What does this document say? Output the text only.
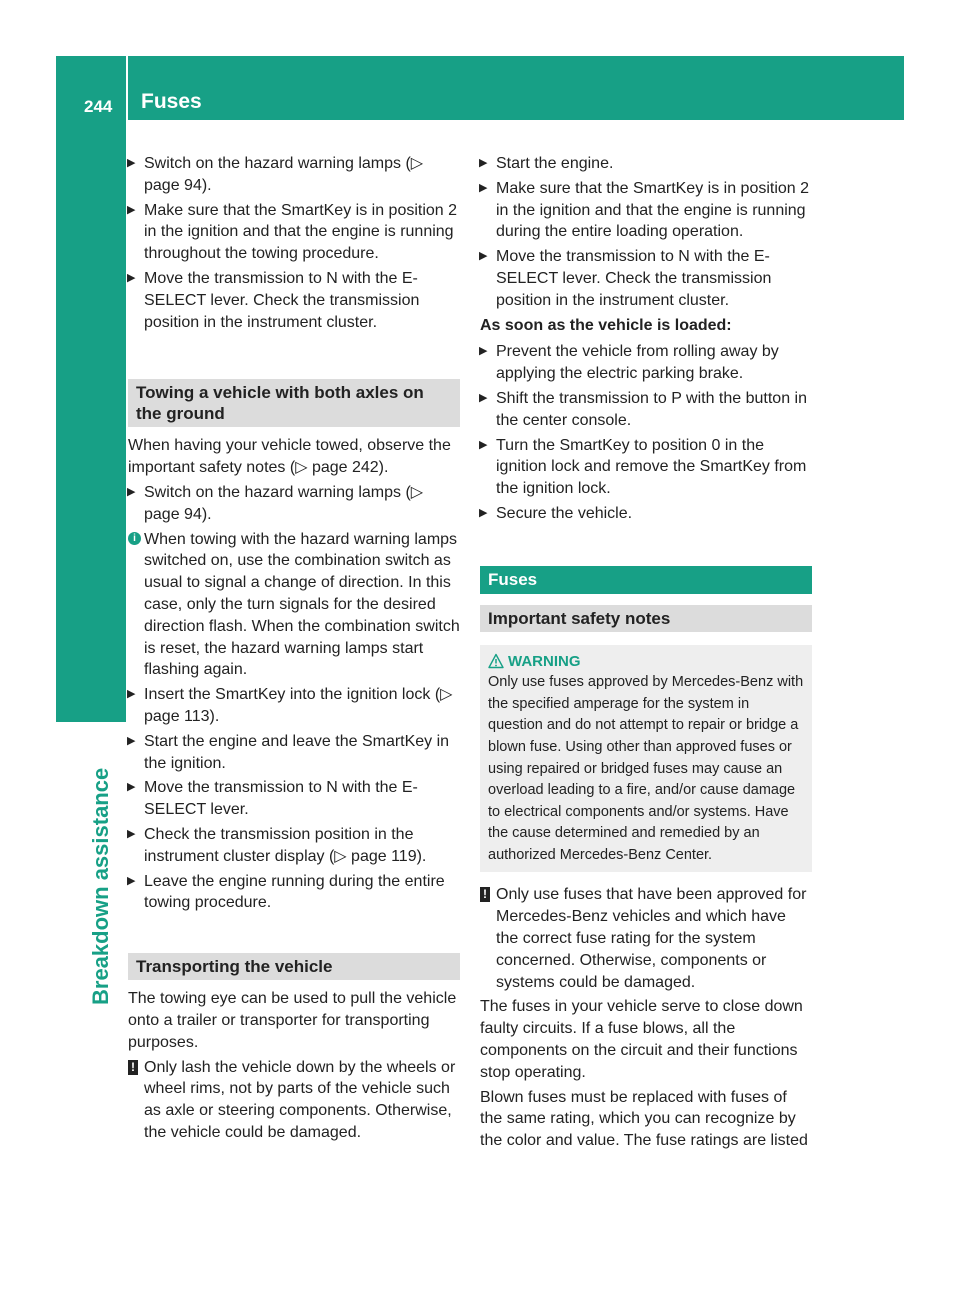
244 Fuses
Breakdown assistance
▶ Switch on the hazard warning lamps (▷ page 94).
▶ Make sure that the SmartKey is in position 2 in the ignition and that the engine is running throughout the towing procedure.
▶ Move the transmission to N with the E-SELECT lever. Check the transmission position in the instrument cluster.
Towing a vehicle with both axles on the ground
When having your vehicle towed, observe the important safety notes (▷ page 242).
▶ Switch on the hazard warning lamps (▷ page 94).
i When towing with the hazard warning lamps switched on, use the combination switch as usual to signal a change of direction. In this case, only the turn signals for the desired direction flash. When the combination switch is reset, the hazard warning lamps start flashing again.
▶ Insert the SmartKey into the ignition lock (▷ page 113).
▶ Start the engine and leave the SmartKey in the ignition.
▶ Move the transmission to N with the E-SELECT lever.
▶ Check the transmission position in the instrument cluster display (▷ page 119).
▶ Leave the engine running during the entire towing procedure.
Transporting the vehicle
The towing eye can be used to pull the vehicle onto a trailer or transporter for transporting purposes.
! Only lash the vehicle down by the wheels or wheel rims, not by parts of the vehicle such as axle or steering components. Otherwise, the vehicle could be damaged.
▶ Start the engine.
▶ Make sure that the SmartKey is in position 2 in the ignition and that the engine is running during the entire loading operation.
▶ Move the transmission to N with the E-SELECT lever. Check the transmission position in the instrument cluster.
As soon as the vehicle is loaded:
▶ Prevent the vehicle from rolling away by applying the electric parking brake.
▶ Shift the transmission to P with the button in the center console.
▶ Turn the SmartKey to position 0 in the ignition lock and remove the SmartKey from the ignition lock.
▶ Secure the vehicle.
Fuses
Important safety notes
WARNING
Only use fuses approved by Mercedes-Benz with the specified amperage for the system in question and do not attempt to repair or bridge a blown fuse. Using other than approved fuses or using repaired or bridged fuses may cause an overload leading to a fire, and/or cause damage to electrical components and/or systems. Have the cause determined and remedied by an authorized Mercedes-Benz Center.
! Only use fuses that have been approved for Mercedes-Benz vehicles and which have the correct fuse rating for the system concerned. Otherwise, components or systems could be damaged.
The fuses in your vehicle serve to close down faulty circuits. If a fuse blows, all the components on the circuit and their functions stop operating.
Blown fuses must be replaced with fuses of the same rating, which you can recognize by the color and value. The fuse ratings are listed
